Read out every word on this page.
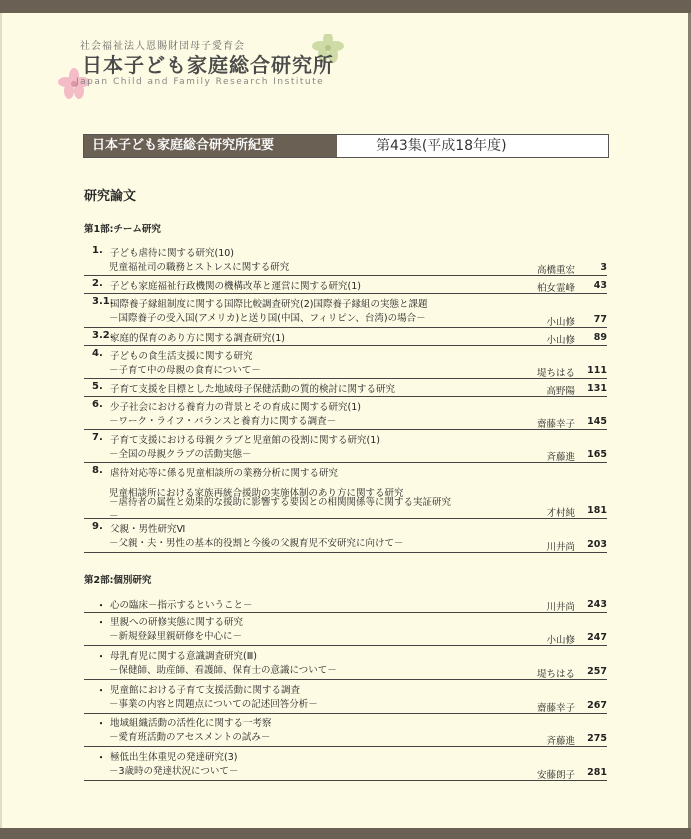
社会福祉法人恩賜財団母子愛育会
日本子ども家庭総合研究所
Japan Child and Family Research Institute
日本子ども家庭総合研究所紀要	第43集(平成18年度)
研究論文
第1部:チーム研究
第2部:個別研究
1. 子ども虐待に関する研究(10)
児童福祉司の職務とストレスに関する研究	高橋重宏	3
2. 子ども家庭福祉行政機関の機構改革と運営に関する研究(1)	柏女霊峰	43
3.1.
国際養子縁組制度に関する国際比較調査研究(2)国際養子縁組の実態と課題
－国際養子の受入国(アメリカ)と送り国(中国、フィリピン、台湾)の場合－	小山修	77
3.2.
家庭的保育のあり方に関する調査研究(1)	小山修	89
4. 子どもの食生活支援に関する研究
－子育て中の母親の食育について－	堤ちはる	111
5. 子育て支援を目標とした地域母子保健活動の質的検討に関する研究	高野陽	131
6. 少子社会における養育力の背景とその育成に関する研究(1)
－ワーク・ライフ・バランスと養育力に関する調査－	齋藤幸子	145
7. 子育て支援における母親クラブと児童館の役割に関する研究(1)
－全国の母親クラブの活動実態－	斉藤進	165
8. 虐待対応等に係る児童相談所の業務分析に関する研究
児童相談所における家族再統合援助の実施体制のあり方に関する研究
－虐待者の属性と効果的な援助に影響する要因との相関関係等に関する実証研究
－	才村純	181
9. 父親・男性研究Ⅵ
－父親・夫・男性の基本的役割と今後の父親育児不安研究に向けて－	川井尚	203
・ 心の臨床－指示するということ－	川井尚	243
・ 里親への研修実態に関する研究
－新規登録里親研修を中心に－	小山修	247
・ 母乳育児に関する意識調査研究(Ⅲ)
－保健師、助産師、看護師、保育士の意識について－	堤ちはる	257
・ 児童館における子育て支援活動に関する調査
－事業の内容と問題点についての記述回答分析－	齋藤幸子	267
・ 地域組織活動の活性化に関する一考察
－愛育班活動のアセスメントの試み－	斉藤進	275
・ 極低出生体重児の発達研究(3)
－3歳時の発達状況について－	安藤朗子	281
